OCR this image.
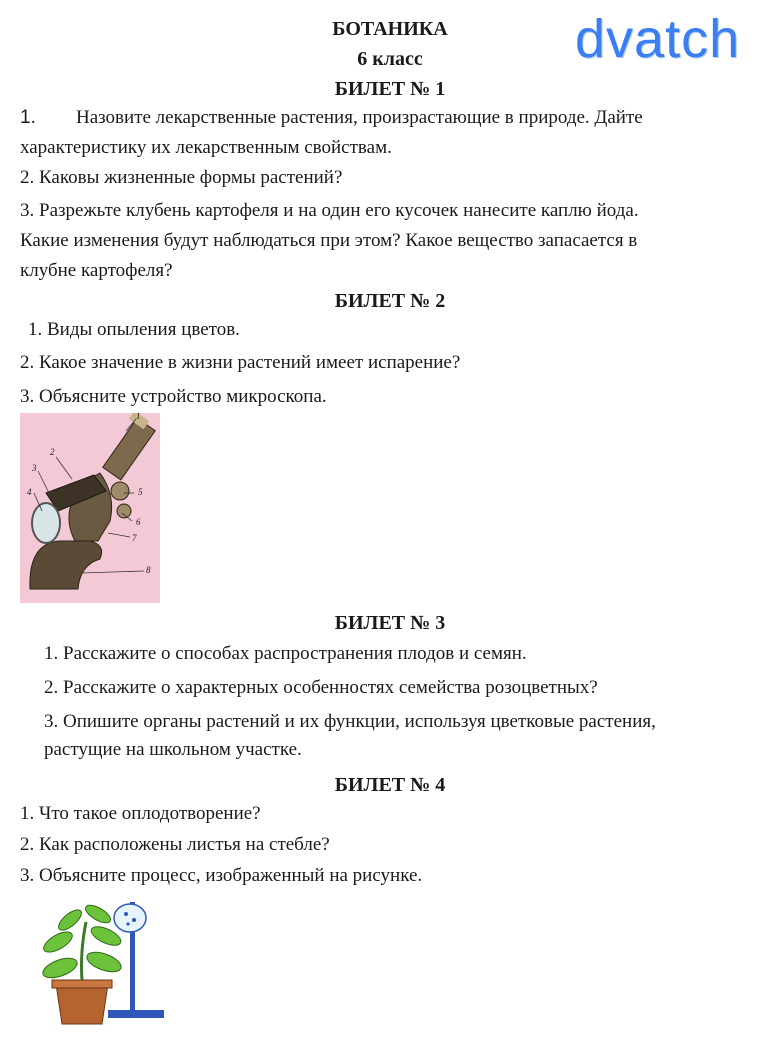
dvatch
БОТАНИКА
6 класс
БИЛЕТ № 1
1. Назовите лекарственные растения, произрастающие в природе. Дайте
характеристику их лекарственным свойствам.
2. Каковы жизненные формы растений?
3. Разрежьте клубень картофеля и на один его кусочек нанесите каплю йода.
Какие изменения будут наблюдаться при этом? Какое вещество запасается в
клубне картофеля?
БИЛЕТ № 2
1. Виды опыления цветов.
2. Какое значение в жизни растений имеет испарение?
3. Объясните устройство микроскопа.
1
2
3
4	5
6
7
8
БИЛЕТ № 3
1. Расскажите о способах распространения плодов и семян.
2. Расскажите о характерных особенностях семейства розоцветных?
3. Опишите органы растений и их функции, используя цветковые растения,
растущие на школьном участке.
БИЛЕТ № 4
1. Что такое оплодотворение?
2. Как расположены листья на стебле?
3. Объясните процесс, изображенный на рисунке.
